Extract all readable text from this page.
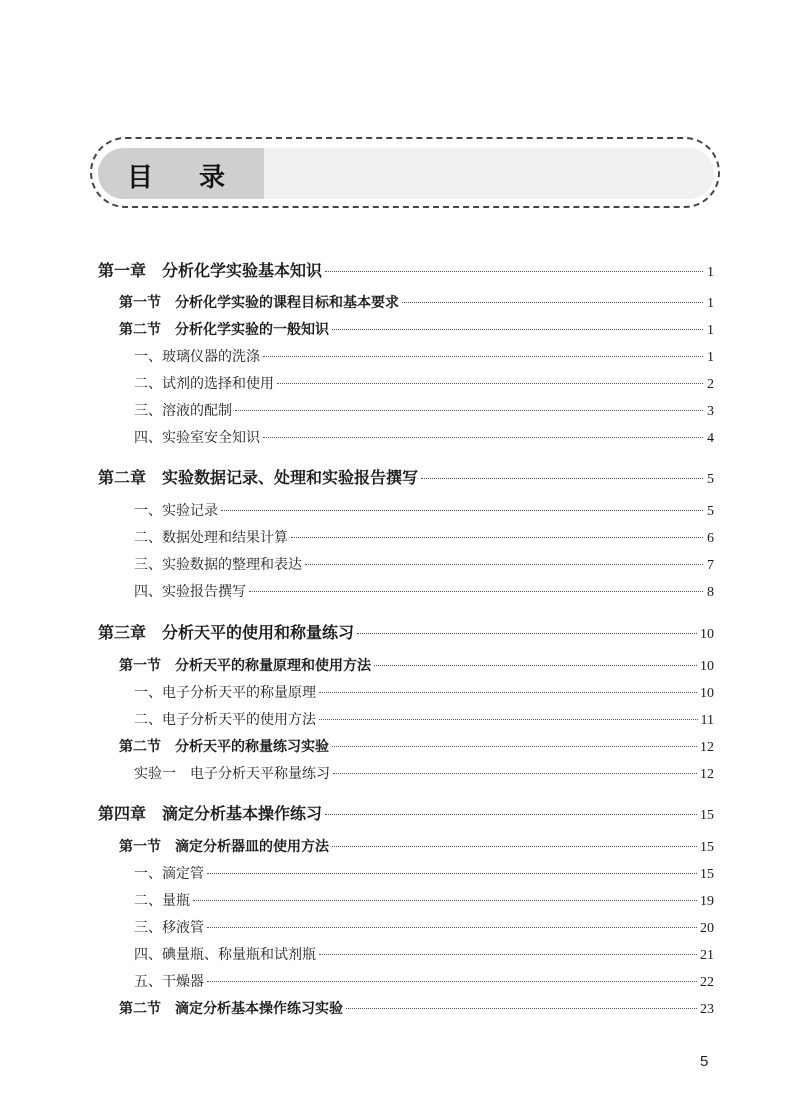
目录
第一章　分析化学实验基本知识	1
第一节　分析化学实验的课程目标和基本要求	1
第二节　分析化学实验的一般知识	1
一、玻璃仪器的洗涤	1
二、试剂的选择和使用	2
三、溶液的配制	3
四、实验室安全知识	4
第二章　实验数据记录、处理和实验报告撰写	5
一、实验记录	5
二、数据处理和结果计算	6
三、实验数据的整理和表达	7
四、实验报告撰写	8
第三章　分析天平的使用和称量练习	10
第一节　分析天平的称量原理和使用方法	10
一、电子分析天平的称量原理	10
二、电子分析天平的使用方法	11
第二节　分析天平的称量练习实验	12
实验一　电子分析天平称量练习	12
第四章　滴定分析基本操作练习	15
第一节　滴定分析器皿的使用方法	15
一、滴定管	15
二、量瓶	19
三、移液管	20
四、碘量瓶、称量瓶和试剂瓶	21
五、干燥器	22
第二节　滴定分析基本操作练习实验	23
5
